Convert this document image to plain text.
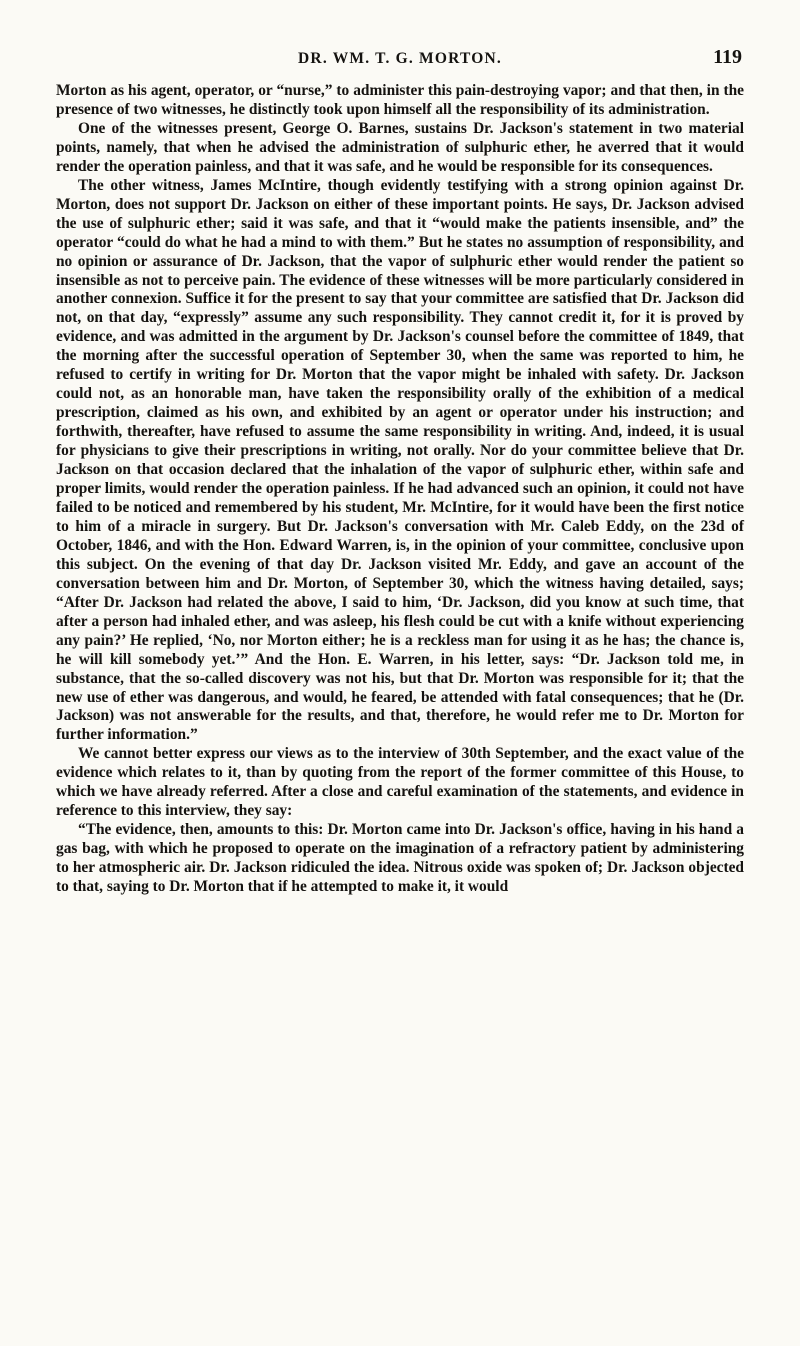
DR. WM. T. G. MORTON.	119

Morton as his agent, operator, or “nurse,” to administer this pain-destroying vapor; and that then, in the presence of two witnesses, he distinctly took upon himself all the responsibility of its administration.

One of the witnesses present, George O. Barnes, sustains Dr. Jackson's statement in two material points, namely, that when he advised the administration of sulphuric ether, he averred that it would render the operation painless, and that it was safe, and he would be responsible for its consequences.

The other witness, James McIntire, though evidently testifying with a strong opinion against Dr. Morton, does not support Dr. Jackson on either of these important points. He says, Dr. Jackson advised the use of sulphuric ether; said it was safe, and that it “would make the patients insensible, and” the operator “could do what he had a mind to with them.” But he states no assumption of responsibility, and no opinion or assurance of Dr. Jackson, that the vapor of sulphuric ether would render the patient so insensible as not to perceive pain. The evidence of these witnesses will be more particularly considered in another connexion. Suffice it for the present to say that your committee are satisfied that Dr. Jackson did not, on that day, “expressly” assume any such responsibility. They cannot credit it, for it is proved by evidence, and was admitted in the argument by Dr. Jackson's counsel before the committee of 1849, that the morning after the successful operation of September 30, when the same was reported to him, he refused to certify in writing for Dr. Morton that the vapor might be inhaled with safety. Dr. Jackson could not, as an honorable man, have taken the responsibility orally of the exhibition of a medical prescription, claimed as his own, and exhibited by an agent or operator under his instruction; and forthwith, thereafter, have refused to assume the same responsibility in writing. And, indeed, it is usual for physicians to give their prescriptions in writing, not orally. Nor do your committee believe that Dr. Jackson on that occasion declared that the inhalation of the vapor of sulphuric ether, within safe and proper limits, would render the operation painless. If he had advanced such an opinion, it could not have failed to be noticed and remembered by his student, Mr. McIntire, for it would have been the first notice to him of a miracle in surgery. But Dr. Jackson's conversation with Mr. Caleb Eddy, on the 23d of October, 1846, and with the Hon. Edward Warren, is, in the opinion of your committee, conclusive upon this subject. On the evening of that day Dr. Jackson visited Mr. Eddy, and gave an account of the conversation between him and Dr. Morton, of September 30, which the witness having detailed, says; “After Dr. Jackson had related the above, I said to him, ‘Dr. Jackson, did you know at such time, that after a person had inhaled ether, and was asleep, his flesh could be cut with a knife without experiencing any pain?’ He replied, ‘No, nor Morton either; he is a reckless man for using it as he has; the chance is, he will kill somebody yet.’” And the Hon. E. Warren, in his letter, says: “Dr. Jackson told me, in substance, that the so-called discovery was not his, but that Dr. Morton was responsible for it; that the new use of ether was dangerous, and would, he feared, be attended with fatal consequences; that he (Dr. Jackson) was not answerable for the results, and that, therefore, he would refer me to Dr. Morton for further information.”

We cannot better express our views as to the interview of 30th September, and the exact value of the evidence which relates to it, than by quoting from the report of the former committee of this House, to which we have already referred. After a close and careful examination of the statements, and evidence in reference to this interview, they say:

“The evidence, then, amounts to this: Dr. Morton came into Dr. Jackson's office, having in his hand a gas bag, with which he proposed to operate on the imagination of a refractory patient by administering to her atmospheric air. Dr. Jackson ridiculed the idea. Nitrous oxide was spoken of; Dr. Jackson objected to that, saying to Dr. Morton that if he attempted to make it, it would
